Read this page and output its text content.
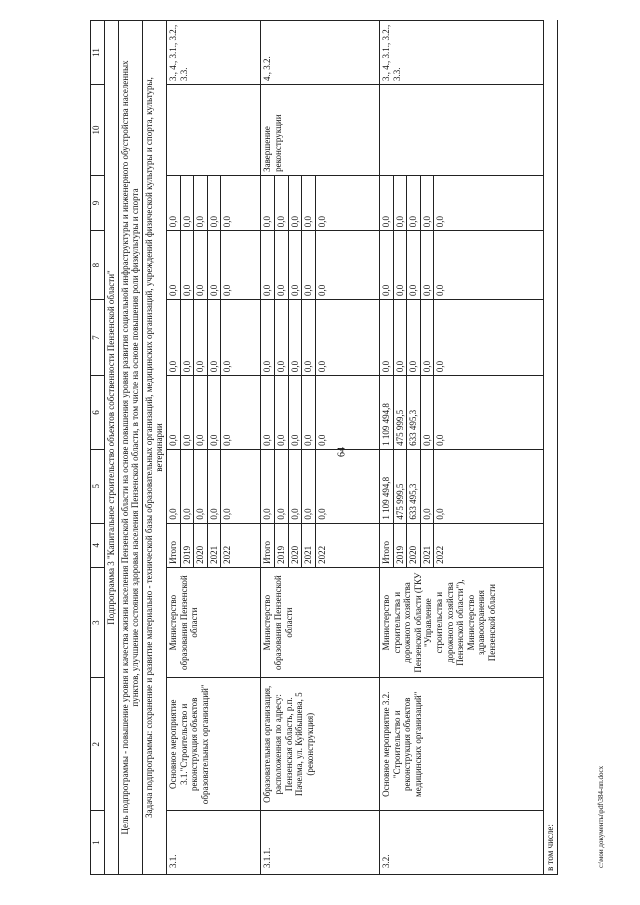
64
1	2	3	4	5	6	7	8	9	10	11
Подпрограмма 3 "Капитальное строительство объектов собственности Пензенской области"										
Цель подпрограммы - повышение уровня и качества жизни населения Пензенской области на основе повышения уровня развития социальной инфраструктуры и инженерного обустройства населенных пунктов, улучшение состояния здоровья населения Пензенской области, в том числе на основе повышения роли физкультуры и спорта										
Задача подпрограммы: сохранение и развитие материально - технической базы образовательных организаций, медицинских организаций, учреждений физической культуры и спорта, культуры, ветеринарии										
3.1.	Основное мероприятие 3.1."Строительство и реконструкция объектов образовательных организаций"	Министерство образования Пензенской области	Итого	0,0	0,0	0,0	0,0	0,0		3., 4., 3.1., 3.2., 3.3.
			2019	0,0	0,0	0,0	0,0	0,0		
			2020	0,0	0,0	0,0	0,0	0,0		
			2021	0,0	0,0	0,0	0,0	0,0		
			2022	0,0	0,0	0,0	0,0	0,0		
3.1.1.	Образовательная организация, расположенная по адресу: Пензенская область, р.п. Пачелма, ул. Куйбышева, 5 (реконструкция)	Министерство образования Пензенской области	Итого	0,0	0,0	0,0	0,0	0,0	Завершение реконструкции	4., 3.2.
			2019	0,0	0,0	0,0	0,0	0,0		
			2020	0,0	0,0	0,0	0,0	0,0		
			2021	0,0	0,0	0,0	0,0	0,0		
			2022	0,0	0,0	0,0	0,0	0,0		
3.2.	Основное мероприятие 3.2. "Строительство и реконструкция объектов медицинских организаций"	Министерство строительства и дорожного хозяйства Пензенской области (ГКУ "Управление строительства и дорожного хозяйства Пензенской области"), Министерство здравоохранения Пензенской области	Итого	1 109 494,8	1 109 494,8	0,0	0,0	0,0		3., 4., 3.1., 3.2., 3.3.
			2019	475 999,5	475 999,5	0,0	0,0	0,0		
			2020	633 495,3	633 495,3	0,0	0,0	0,0		
			2021	0,0	0,0	0,0	0,0	0,0		
			2022	0,0	0,0	0,0	0,0	0,0		
в том числе:											c:\мои документы\pdf\384-пп.docx
